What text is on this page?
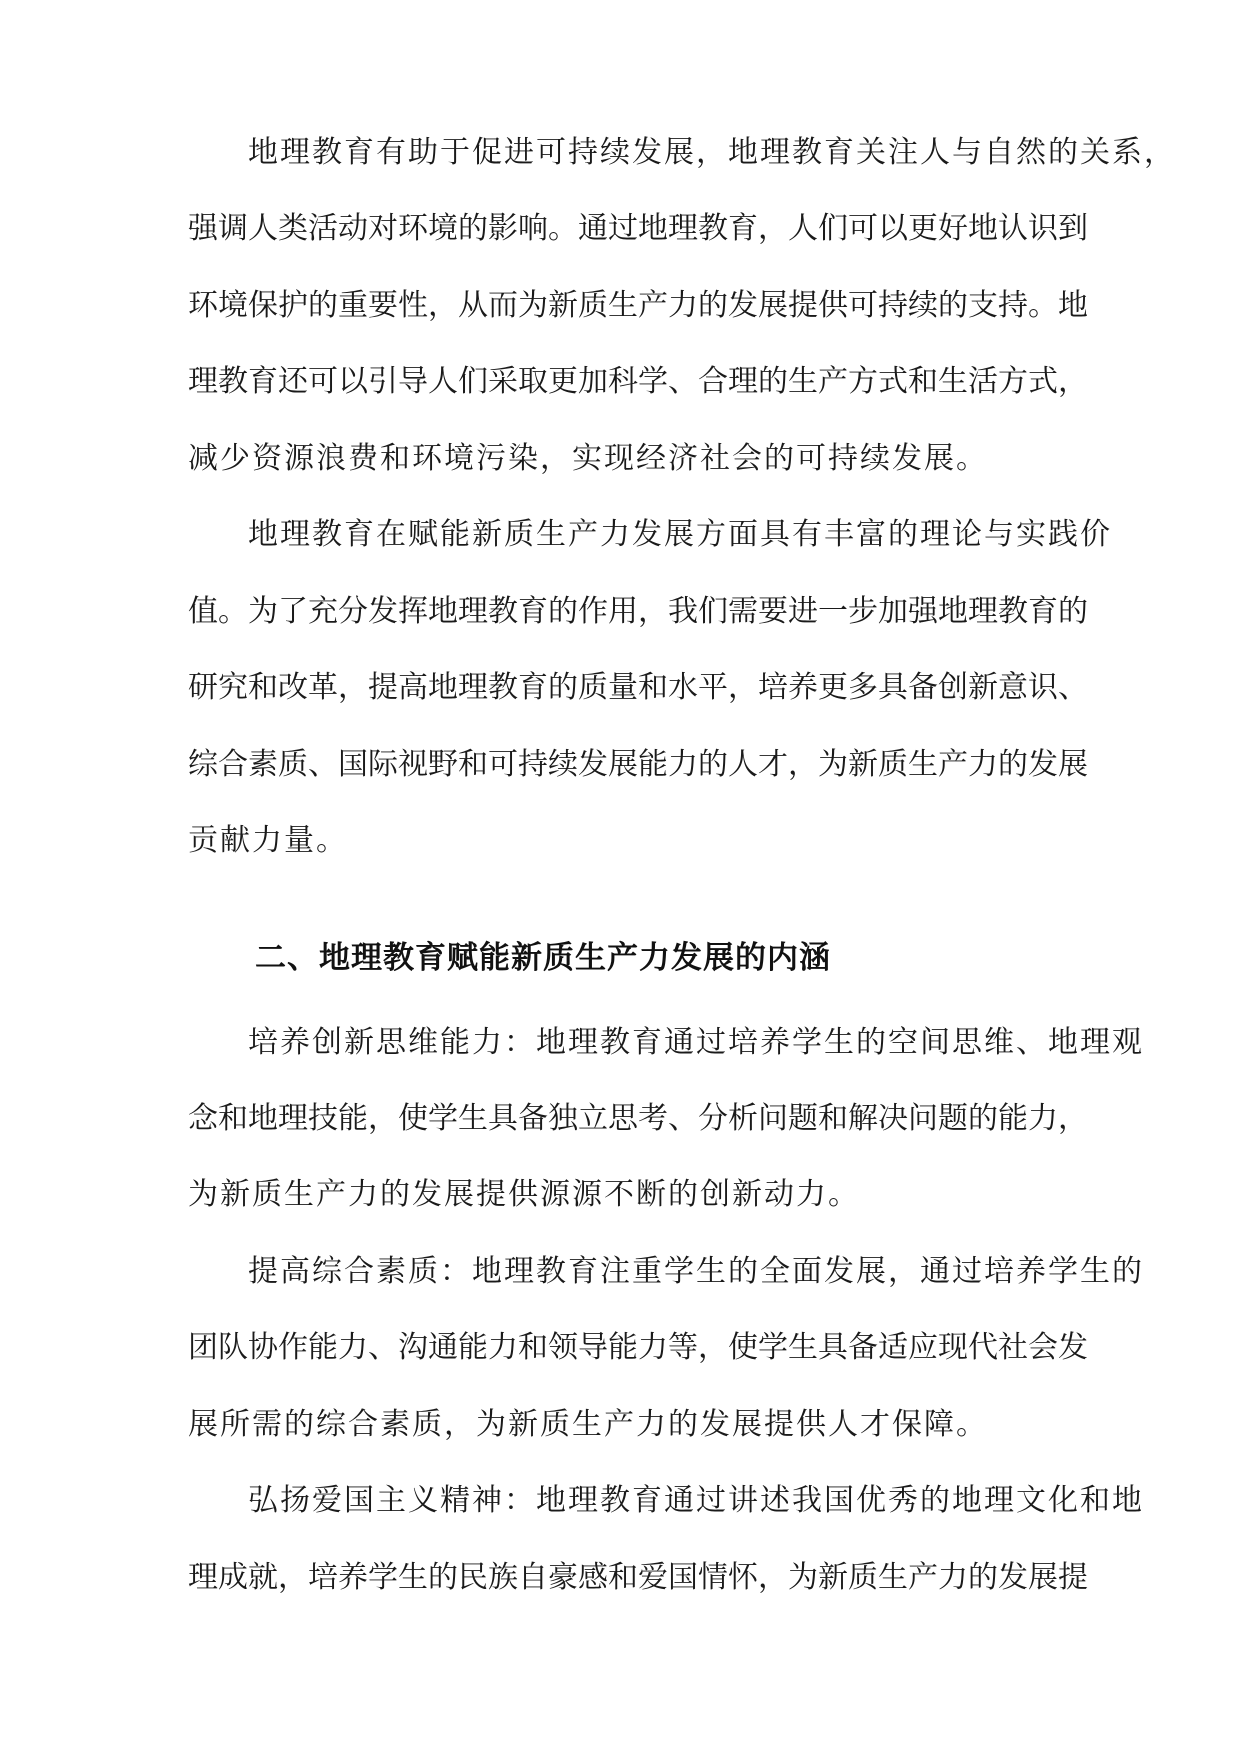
地理教育有助于促进可持续发展，地理教育关注人与自然的关系，

强调人类活动对环境的影响。通过地理教育，人们可以更好地认识到

环境保护的重要性，从而为新质生产力的发展提供可持续的支持。地

理教育还可以引导人们采取更加科学、合理的生产方式和生活方式，

减少资源浪费和环境污染，实现经济社会的可持续发展。

地理教育在赋能新质生产力发展方面具有丰富的理论与实践价

值。为了充分发挥地理教育的作用，我们需要进一步加强地理教育的

研究和改革，提高地理教育的质量和水平，培养更多具备创新意识、

综合素质、国际视野和可持续发展能力的人才，为新质生产力的发展

贡献力量。

二、地理教育赋能新质生产力发展的内涵

培养创新思维能力：地理教育通过培养学生的空间思维、地理观

念和地理技能，使学生具备独立思考、分析问题和解决问题的能力，

为新质生产力的发展提供源源不断的创新动力。

提高综合素质：地理教育注重学生的全面发展，通过培养学生的

团队协作能力、沟通能力和领导能力等，使学生具备适应现代社会发

展所需的综合素质，为新质生产力的发展提供人才保障。

弘扬爱国主义精神：地理教育通过讲述我国优秀的地理文化和地

理成就，培养学生的民族自豪感和爱国情怀，为新质生产力的发展提
